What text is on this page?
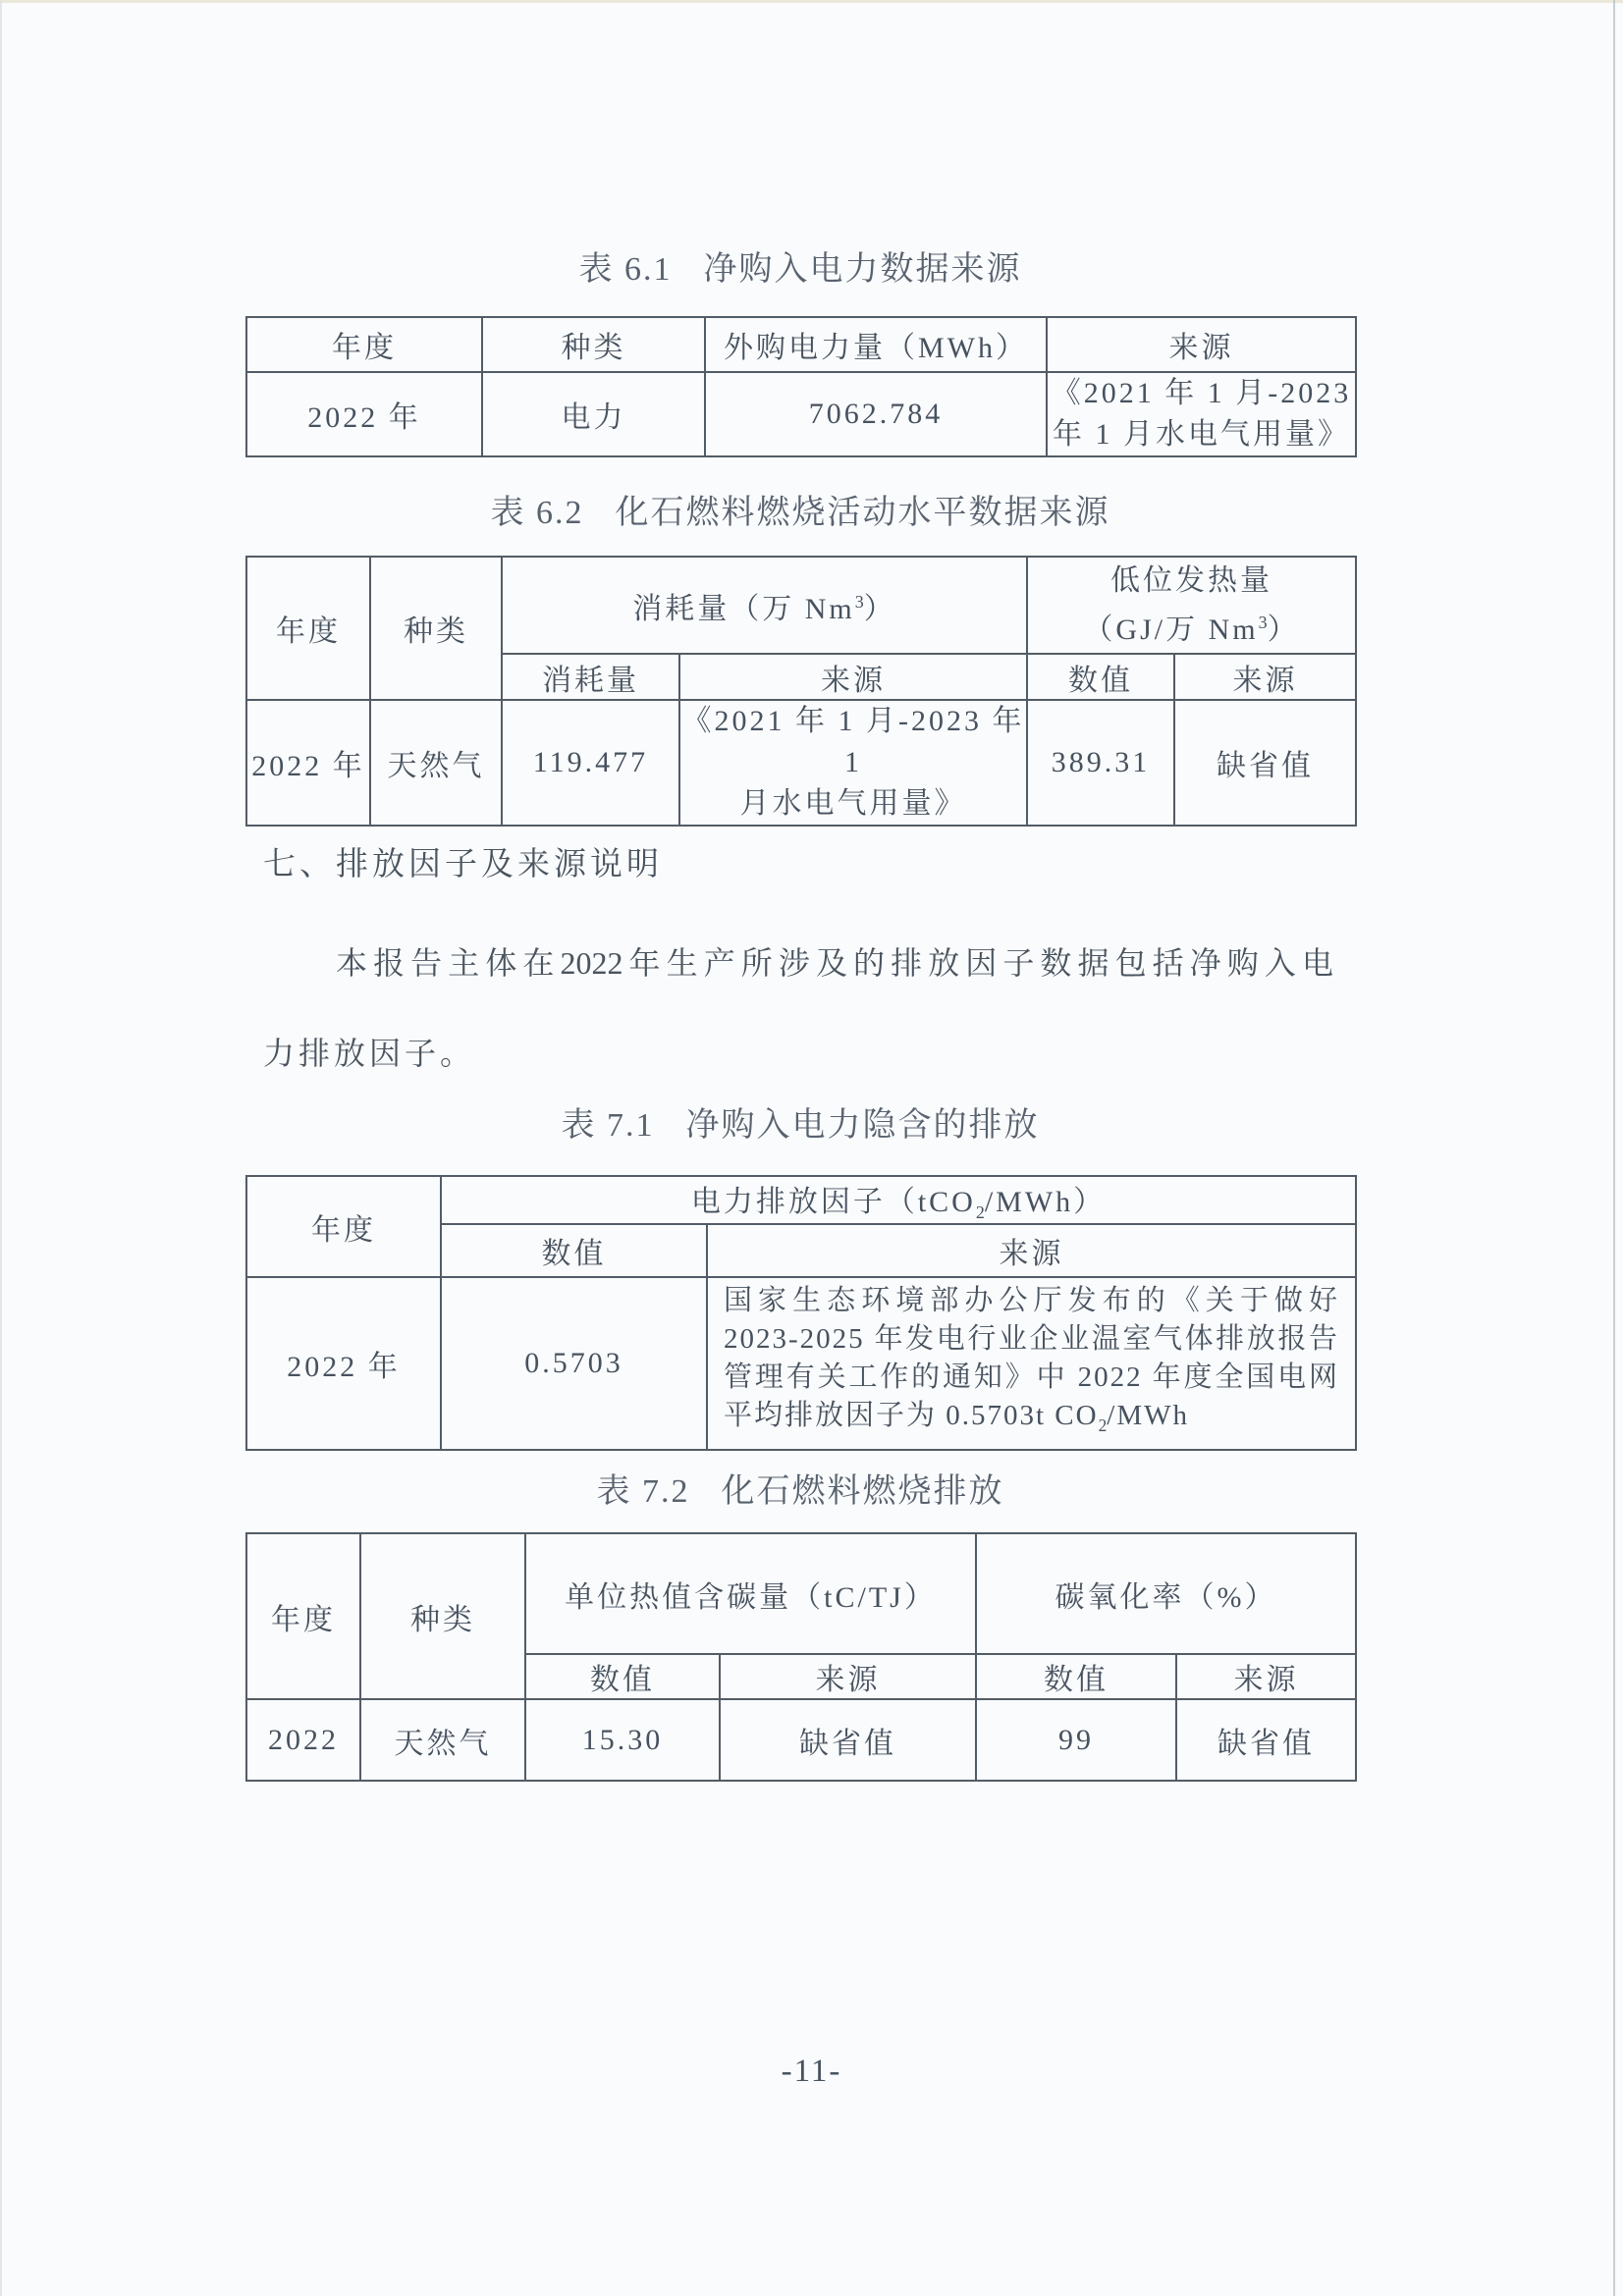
表 6.1 净购入电力数据来源
年度	种类	外购电力量（MWh）	来源
2022 年	电力	7062.784	《2021 年 1 月-2023
年 1 月水电气用量》
表 6.2 化石燃料燃烧活动水平数据来源
年度	种类	消耗量（万 Nm$^3$）		低位发热量
（GJ/万 Nm$^3$）	

		消耗量	来源	数值	来源
2022 年	天然气	119.477	《2021 年 1 月-2023 年 1
月水电气用量》	389.31	缺省值
七、排放因子及来源说明
本报告主体在2022年生产所涉及的排放因子数据包括净购入电
力排放因子。
表 7.1 净购入电力隐含的排放
年度	电力排放因子（tCO$_2$/MWh）	
	数值	来源
2022 年	0.5703	国家生态环境部办公厅发布的《关于做好
2023-2025 年发电行业企业温室气体排放报告
管理有关工作的通知》中 2022 年度全国电网
平均排放因子为 0.5703t $CO_2$/MWh
表 7.2 化石燃料燃烧排放
年度	种类	单位热值含碳量（tC/TJ）		碳氧化率（%）	
		数值	来源	数值	来源
2022	天然气	15.30	缺省值	99	缺省值
-11-
